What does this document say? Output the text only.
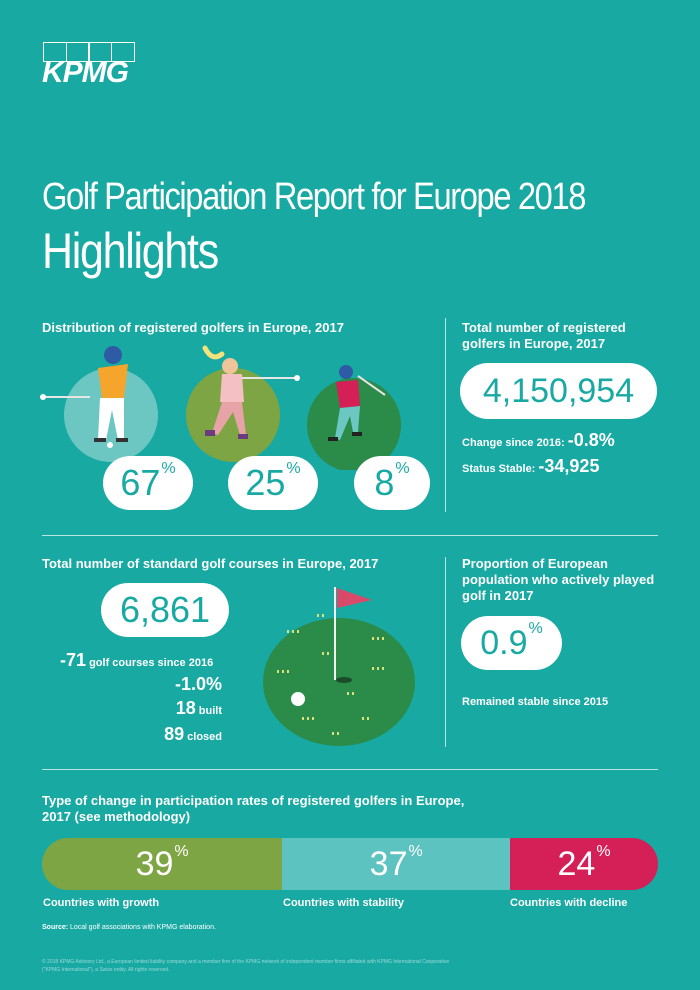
KPMG
Golf Participation Report for Europe 2018
Highlights
Distribution of registered golfers in Europe, 2017
67 % 25 % 8 %
Total number of registered golfers in Europe, 2017
4,150,954
Change since 2016: -0.8%
Status Stable: -34,925
Total number of standard golf courses in Europe, 2017
6,861
-71 golf courses since 2016
-1.0%
18 built
89 closed
Proportion of European population who actively played golf in 2017
0.9 %
Remained stable since 2015
Type of change in participation rates of registered golfers in Europe, 2017 (see methodology)
39 %	37 %	24 %
Countries with growth	Countries with stability	Countries with decline
Source: Local golf associations with KPMG elaboration.
© 2018 KPMG Advisory Ltd., a European limited liability company and a member firm of the KPMG network of independent member firms affiliated with KPMG International Cooperative ("KPMG International"), a Swiss entity. All rights reserved.
